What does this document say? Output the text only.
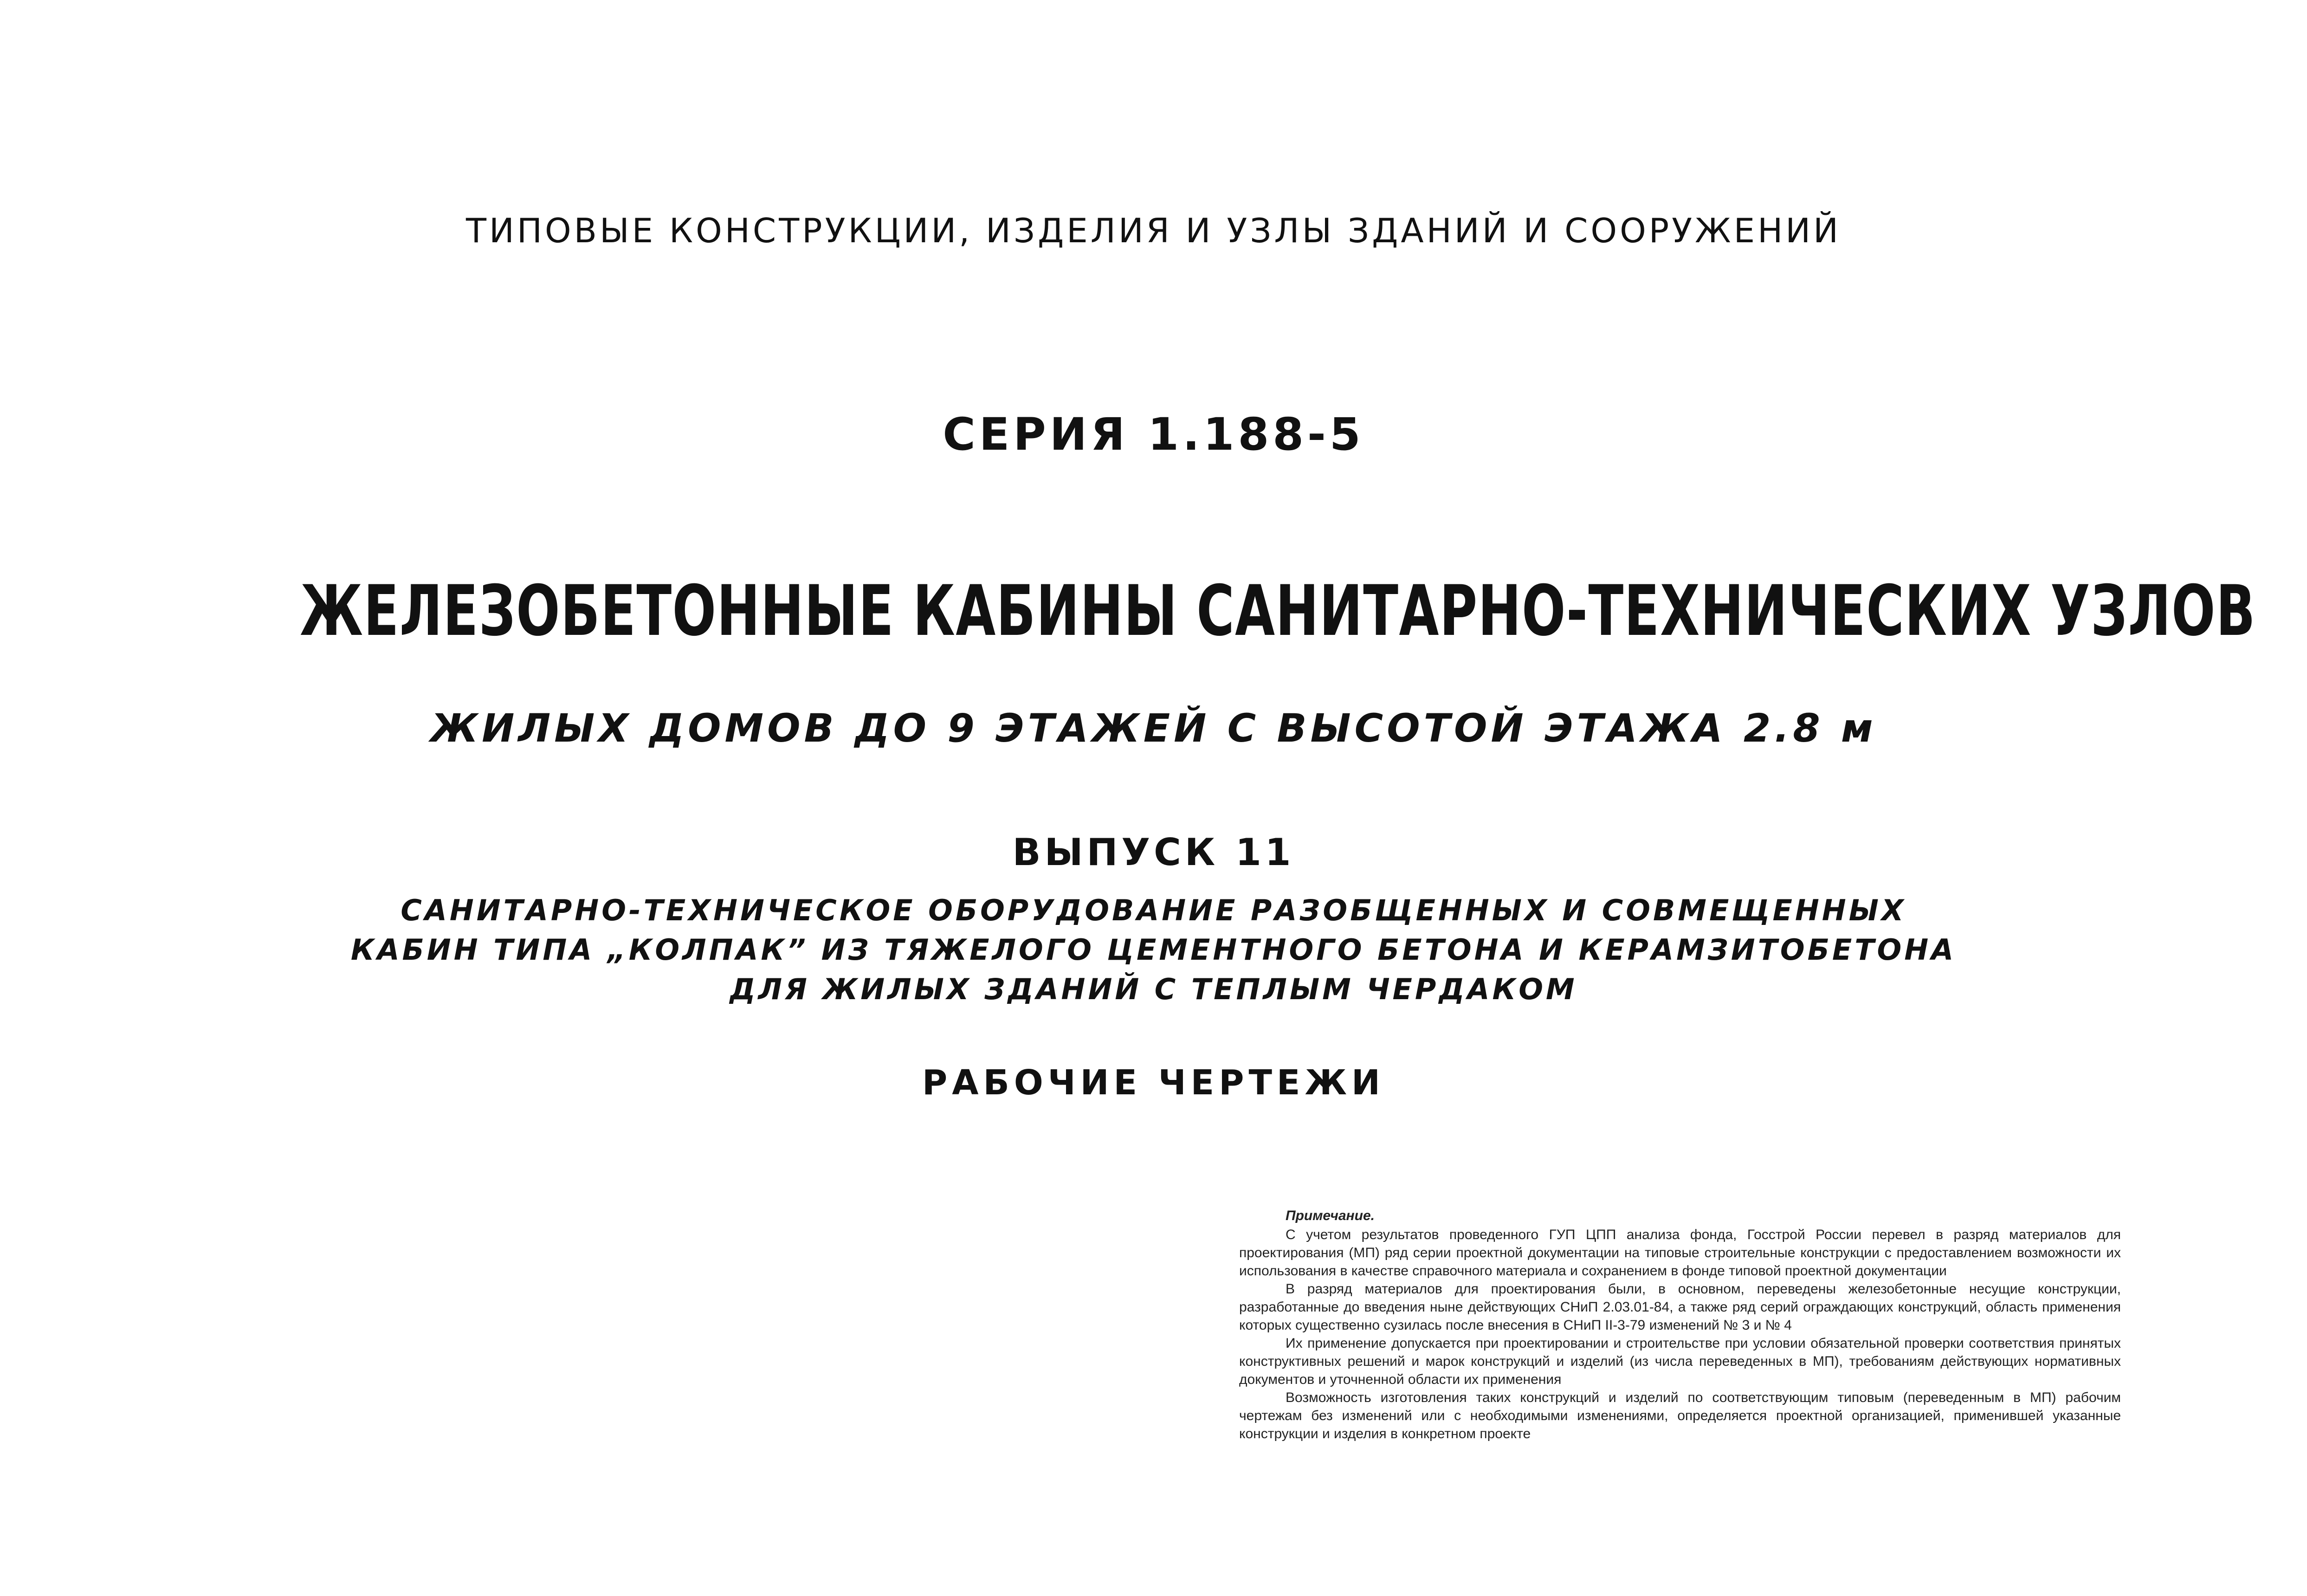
ТИПОВЫЕ КОНСТРУКЦИИ, ИЗДЕЛИЯ И УЗЛЫ ЗДАНИЙ И СООРУЖЕНИЙ
СЕРИЯ 1.188-5
ЖЕЛЕЗОБЕТОННЫЕ КАБИНЫ САНИТАРНО-ТЕХНИЧЕСКИХ УЗЛОВ
ЖИЛЫХ ДОМОВ ДО 9 ЭТАЖЕЙ С ВЫСОТОЙ ЭТАЖА 2.8 м
ВЫПУСК 11
САНИТАРНО-ТЕХНИЧЕСКОЕ ОБОРУДОВАНИЕ РАЗОБЩЕННЫХ И СОВМЕЩЕННЫХ
КАБИН ТИПА „КОЛПАК” ИЗ ТЯЖЕЛОГО ЦЕМЕНТНОГО БЕТОНА И КЕРАМЗИТОБЕТОНА
ДЛЯ ЖИЛЫХ ЗДАНИЙ С ТЕПЛЫМ ЧЕРДАКОМ
РАБОЧИЕ ЧЕРТЕЖИ
Примечание.

С учетом результатов проведенного ГУП ЦПП анализа фонда, Госстрой России перевел в разряд материалов для проектирования (МП) ряд серии проектной документации на типовые строительные конструкции с предоставлением возможности их использования в качестве справочного материала и сохранением в фонде типовой проектной документации

В разряд материалов для проектирования были, в основном, переведены железобетонные несущие конструкции, разработанные до введения ныне действующих СНиП 2.03.01-84, а также ряд серий ограждающих конструкций, область применения которых существенно сузилась после внесения в СНиП II-3-79 изменений № 3 и № 4

Их применение допускается при проектировании и строительстве при условии обязательной проверки соответствия принятых конструктивных решений и марок конструкций и изделий (из числа переведенных в МП), требованиям действующих нормативных документов и уточненной области их применения

Возможность изготовления таких конструкций и изделий по соответствующим типовым (переведенным в МП) рабочим чертежам без изменений или с необходимыми изменениями, определяется проектной организацией, применившей указанные конструкции и изделия в конкретном проекте
